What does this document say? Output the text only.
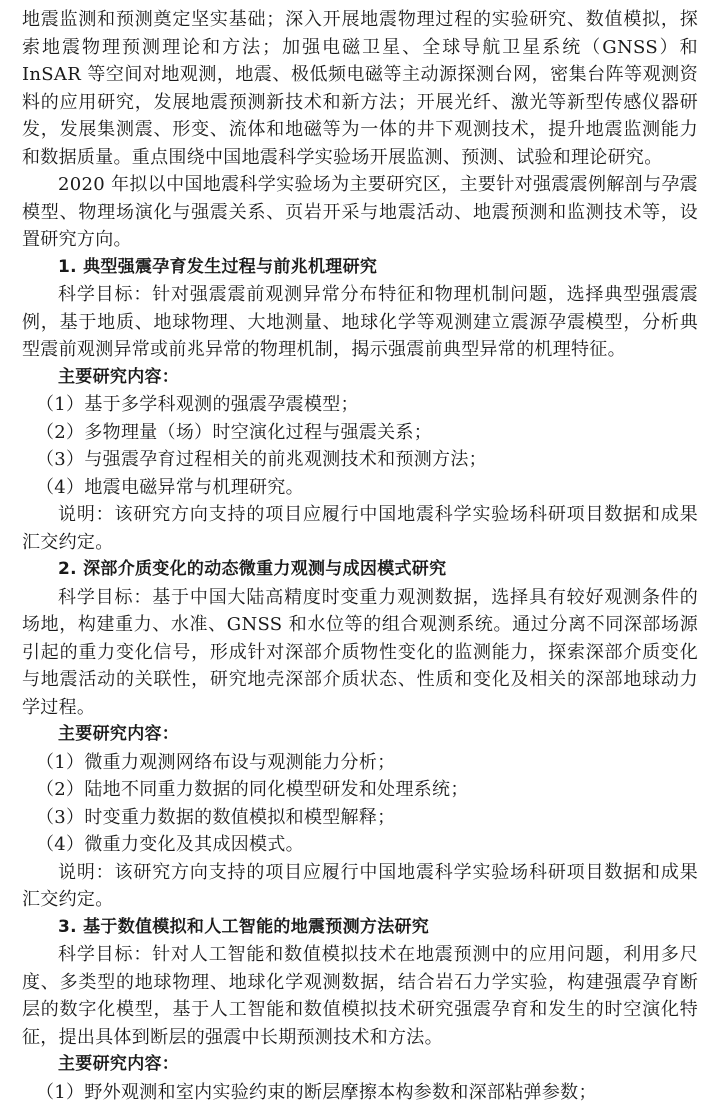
地震监测和预测奠定坚实基础；深入开展地震物理过程的实验研究、数值模拟，探索地震物理预测理论和方法；加强电磁卫星、全球导航卫星系统（GNSS）和 InSAR 等空间对地观测，地震、极低频电磁等主动源探测台网，密集台阵等观测资料的应用研究，发展地震预测新技术和新方法；开展光纤、激光等新型传感仪器研发，发展集测震、形变、流体和地磁等为一体的井下观测技术，提升地震监测能力和数据质量。重点围绕中国地震科学实验场开展监测、预测、试验和理论研究。

2020 年拟以中国地震科学实验场为主要研究区，主要针对强震震例解剖与孕震模型、物理场演化与强震关系、页岩开采与地震活动、地震预测和监测技术等，设置研究方向。

1. 典型强震孕育发生过程与前兆机理研究

科学目标：针对强震震前观测异常分布特征和物理机制问题，选择典型强震震例，基于地质、地球物理、大地测量、地球化学等观测建立震源孕震模型，分析典型震前观测异常或前兆异常的物理机制，揭示强震前典型异常的机理特征。

主要研究内容：

（1）基于多学科观测的强震孕震模型；

（2）多物理量（场）时空演化过程与强震关系；

（3）与强震孕育过程相关的前兆观测技术和预测方法；

（4）地震电磁异常与机理研究。

说明：该研究方向支持的项目应履行中国地震科学实验场科研项目数据和成果汇交约定。

2. 深部介质变化的动态微重力观测与成因模式研究

科学目标：基于中国大陆高精度时变重力观测数据，选择具有较好观测条件的场地，构建重力、水准、GNSS 和水位等的组合观测系统。通过分离不同深部场源引起的重力变化信号，形成针对深部介质物性变化的监测能力，探索深部介质变化与地震活动的关联性，研究地壳深部介质状态、性质和变化及相关的深部地球动力学过程。

主要研究内容：

（1）微重力观测网络布设与观测能力分析；

（2）陆地不同重力数据的同化模型研发和处理系统；

（3）时变重力数据的数值模拟和模型解释；

（4）微重力变化及其成因模式。

说明：该研究方向支持的项目应履行中国地震科学实验场科研项目数据和成果汇交约定。

3. 基于数值模拟和人工智能的地震预测方法研究

科学目标：针对人工智能和数值模拟技术在地震预测中的应用问题，利用多尺度、多类型的地球物理、地球化学观测数据，结合岩石力学实验，构建强震孕育断层的数字化模型，基于人工智能和数值模拟技术研究强震孕育和发生的时空演化特征，提出具体到断层的强震中长期预测技术和方法。

主要研究内容：

（1）野外观测和室内实验约束的断层摩擦本构参数和深部粘弹参数；
